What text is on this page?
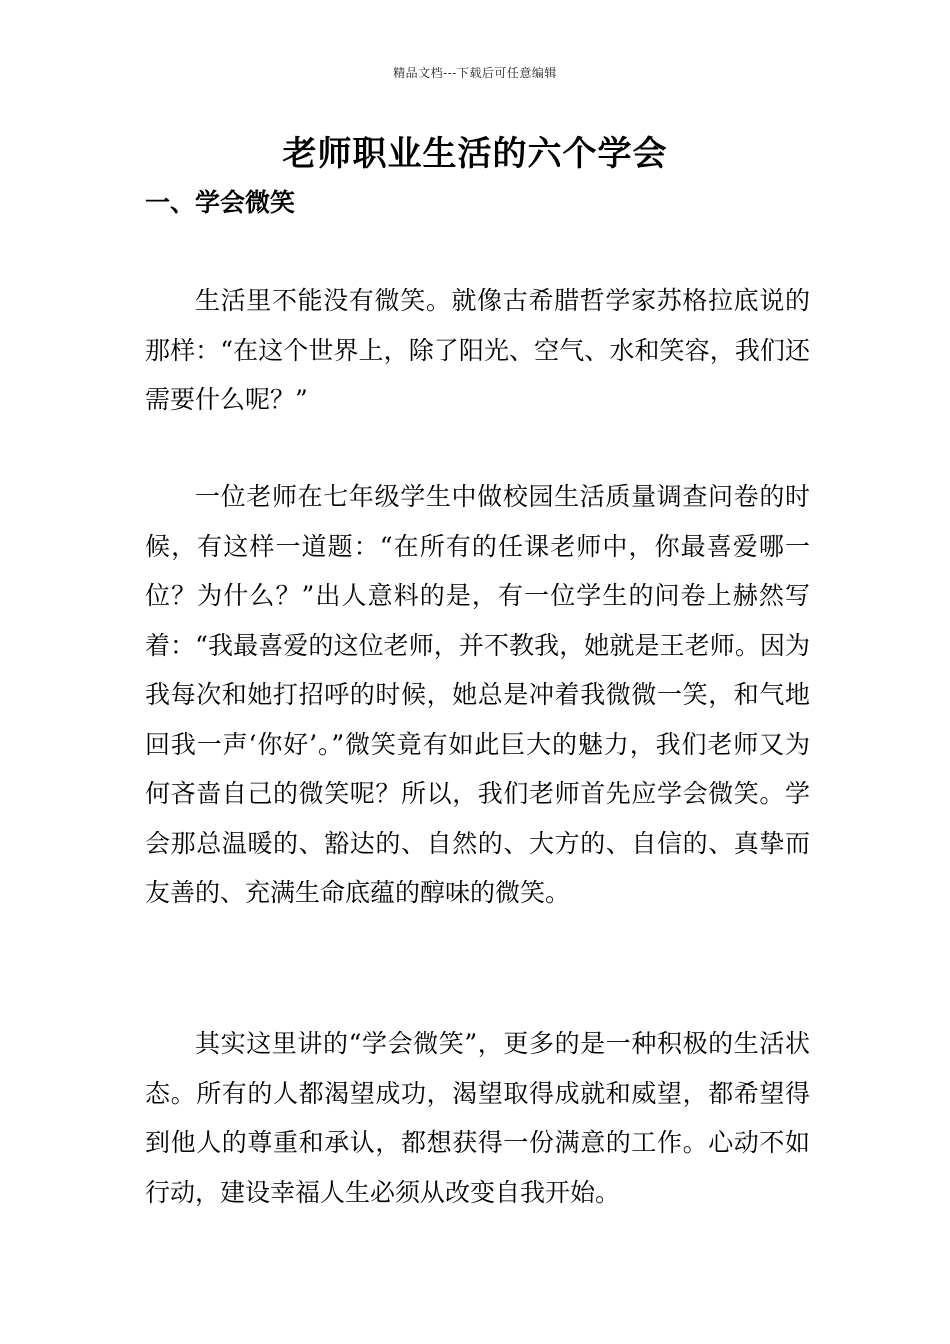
精品文档---下载后可任意编辑
老师职业生活的六个学会
一、学会微笑

生活里不能没有微笑。就像古希腊哲学家苏格拉底说的那样：“在这个世界上，除了阳光、空气、水和笑容，我们还需要什么呢？”

一位老师在七年级学生中做校园生活质量调查问卷的时候，有这样一道题：“在所有的任课老师中，你最喜爱哪一位？为什么？”出人意料的是，有一位学生的问卷上赫然写着：“我最喜爱的这位老师，并不教我，她就是王老师。因为我每次和她打招呼的时候，她总是冲着我微微一笑，和气地回我一声‘你好’。”微笑竟有如此巨大的魅力，我们老师又为何吝啬自己的微笑呢？所以，我们老师首先应学会微笑。学会那总温暖的、豁达的、自然的、大方的、自信的、真挚而友善的、充满生命底蕴的醇味的微笑。

其实这里讲的“学会微笑”，更多的是一种积极的生活状态。所有的人都渴望成功，渴望取得成就和威望，都希望得到他人的尊重和承认，都想获得一份满意的工作。心动不如行动，建设幸福人生必须从改变自我开始。
